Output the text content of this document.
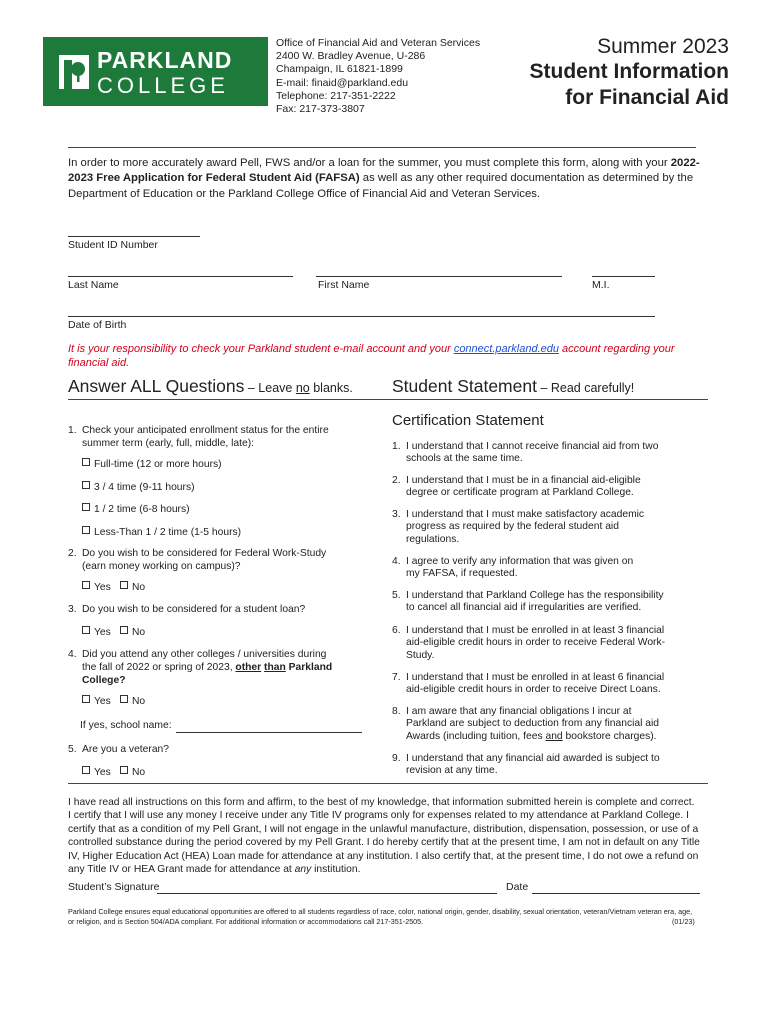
PARKLAND
COLLEGE
Office of Financial Aid and Veteran Services
2400 W. Bradley Avenue, U-286
Champaign, IL 61821-1899
E-mail: finaid@parkland.edu
Telephone: 217-351-2222
Fax: 217-373-3807
Summer 2023
Student Information
for Financial Aid
In order to more accurately award Pell, FWS and/or a loan for the summer, you must complete this form, along with your 2022-2023 Free Application for Federal Student Aid (FAFSA) as well as any other required documentation as determined by the Department of Education or the Parkland College Office of Financial Aid and Veteran Services.
Student ID Number
Last Name	First Name	M.I.
Date of Birth
It is your responsibility to check your Parkland student e-mail account and your connect.parkland.edu account regarding your financial aid.
Answer ALL Questions – Leave no blanks. Student Statement – Read carefully!
1. Check your anticipated enrollment status for the entire summer term (early, full, middle, late):
Full-time (12 or more hours)
3 / 4 time (9-11 hours)
1 / 2 time (6-8 hours)
Less-Than 1 / 2 time (1-5 hours)
2. Do you wish to be considered for Federal Work-Study (earn money working on campus)?
Yes	No
3. Do you wish to be considered for a student loan?
Yes	No
4. Did you attend any other colleges / universities during the fall of 2022 or spring of 2023, other than Parkland College?
Yes	No
If yes, school name:
5. Are you a veteran?
Yes	No
Certification Statement
1. I understand that I cannot receive financial aid from two schools at the same time.
2. I understand that I must be in a financial aid-eligible degree or certificate program at Parkland College.
3. I understand that I must make satisfactory academic progress as required by the federal student aid regulations.
4. I agree to verify any information that was given on my FAFSA, if requested.
5. I understand that Parkland College has the responsibility to cancel all financial aid if irregularities are verified.
6. I understand that I must be enrolled in at least 3 financial aid-eligible credit hours in order to receive Federal Work-Study.
7. I understand that I must be enrolled in at least 6 financial aid-eligible credit hours in order to receive Direct Loans.
8. I am aware that any financial obligations I incur at Parkland are subject to deduction from any financial aid Awards (including tuition, fees and bookstore charges).
9. I understand that any financial aid awarded is subject to revision at any time.
I have read all instructions on this form and affirm, to the best of my knowledge, that information submitted herein is complete and correct. I certify that I will use any money I receive under any Title IV programs only for expenses related to my attendance at Parkland College. I certify that as a condition of my Pell Grant, I will not engage in the unlawful manufacture, distribution, dispensation, possession, or use of a controlled substance during the period covered by my Pell Grant. I do hereby certify that at the present time, I am not in default on any Title IV, Higher Education Act (HEA) Loan made for attendance at any institution. I also certify that, at the present time, I do not owe a refund on any Title IV or HEA Grant made for attendance at any institution.
Student’s Signature	Date
Parkland College ensures equal educational opportunities are offered to all students regardless of race, color, national origin, gender, disability, sexual orientation, veteran/Vietnam veteran era, age, or religion, and is Section 504/ADA compliant. For additional information or accommodations call 217-351-2505.	(01/23)
